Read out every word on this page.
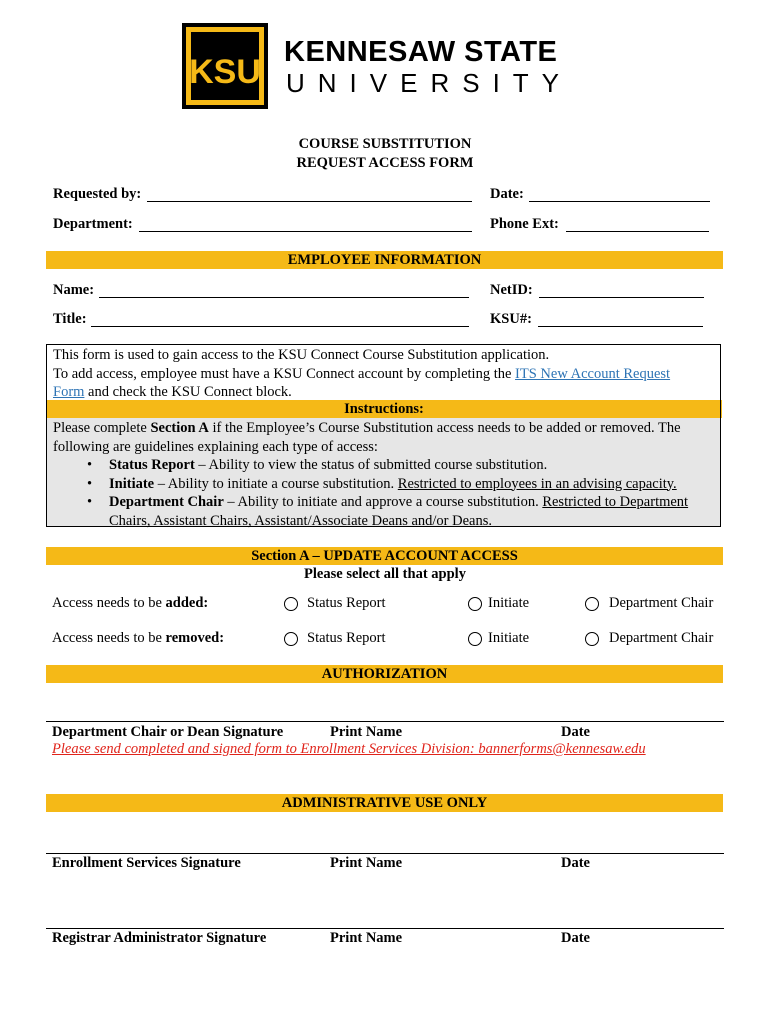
KSU
KENNESAW STATE
UNIVERSITY
COURSE SUBSTITUTION
REQUEST ACCESS FORM
Requested by:	Date:
Department:	Phone Ext:
EMPLOYEE INFORMATION
Name:	NetID:
Title:	KSU#:
This form is used to gain access to the KSU Connect Course Substitution application.
To add access, employee must have a KSU Connect account by completing the ITS New Account Request
Form and check the KSU Connect block.
Instructions:
Please complete Section A if the Employee’s Course Substitution access needs to be added or removed. The following are guidelines explaining each type of access:
• Status Report – Ability to view the status of submitted course substitution.
• Initiate – Ability to initiate a course substitution. Restricted to employees in an advising capacity.
• Department Chair – Ability to initiate and approve a course substitution. Restricted to Department Chairs, Assistant Chairs, Assistant/Associate Deans and/or Deans.
Section A – UPDATE ACCOUNT ACCESS
Please select all that apply
Access needs to be added:	Status Report	Initiate	Department Chair
Access needs to be removed:	Status Report	Initiate	Department Chair
AUTHORIZATION
Department Chair or Dean Signature	Print Name	Date
Please send completed and signed form to Enrollment Services Division: bannerforms@kennesaw.edu
ADMINISTRATIVE USE ONLY
Enrollment Services Signature	Print Name	Date
Registrar Administrator Signature	Print Name	Date
